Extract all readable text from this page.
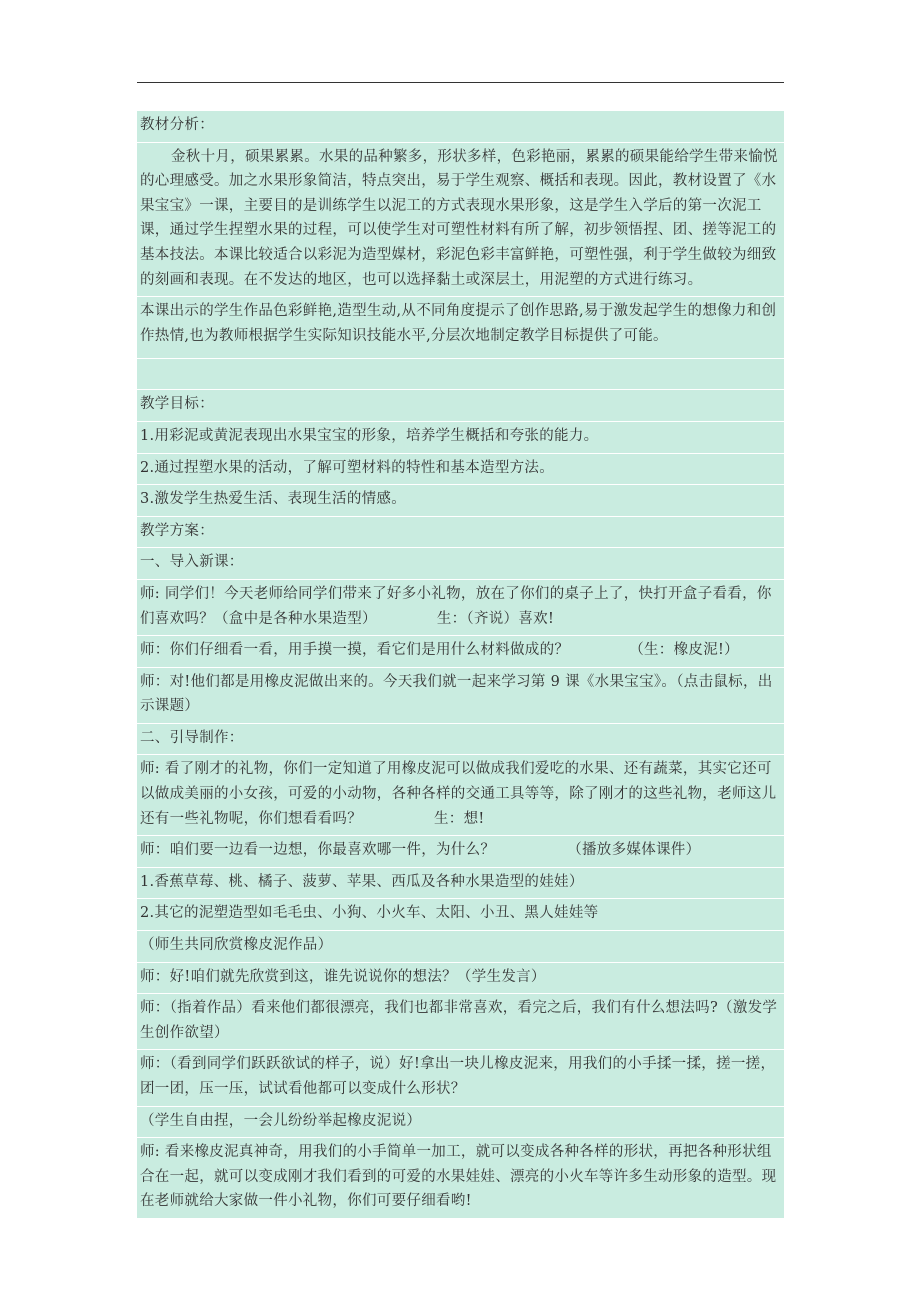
教材分析：
金秋十月，硕果累累。水果的品种繁多，形状多样，色彩艳丽，累累的硕果能给学生带来愉悦的心理感受。加之水果形象简洁，特点突出，易于学生观察、概括和表现。因此，教材设置了《水果宝宝》一课，主要目的是训练学生以泥工的方式表现水果形象，这是学生入学后的第一次泥工课，通过学生捏塑水果的过程，可以使学生对可塑性材料有所了解，初步领悟捏、团、搓等泥工的基本技法。本课比较适合以彩泥为造型媒材，彩泥色彩丰富鲜艳，可塑性强，利于学生做较为细致的刻画和表现。在不发达的地区，也可以选择黏土或深层土，用泥塑的方式进行练习。
本课出示的学生作品色彩鲜艳,造型生动,从不同角度提示了创作思路,易于激发起学生的想像力和创作热情,也为教师根据学生实际知识技能水平,分层次地制定教学目标提供了可能。
教学目标：
1.用彩泥或黄泥表现出水果宝宝的形象，培养学生概括和夸张的能力。
2.通过捏塑水果的活动，了解可塑材料的特性和基本造型方法。
3.激发学生热爱生活、表现生活的情感。
教学方案：
一、导入新课：
师: 同学们！今天老师给同学们带来了好多小礼物，放在了你们的桌子上了，快打开盒子看看，你们喜欢吗？（盒中是各种水果造型）	生：（齐说）喜欢!
师：你们仔细看一看，用手摸一摸，看它们是用什么材料做成的？	（生：橡皮泥!）
师：对!他们都是用橡皮泥做出来的。今天我们就一起来学习第 9 课《水果宝宝》。（点击鼠标，出示课题）
二、引导制作：
师: 看了刚才的礼物，你们一定知道了用橡皮泥可以做成我们爱吃的水果、还有蔬菜，其实它还可以做成美丽的小女孩，可爱的小动物，各种各样的交通工具等等，除了刚才的这些礼物，老师这儿还有一些礼物呢，你们想看看吗？	生：想!
师：咱们要一边看一边想，你最喜欢哪一件，为什么？	（播放多媒体课件）
1.香蕉草莓、桃、橘子、菠萝、苹果、西瓜及各种水果造型的娃娃）
2.其它的泥塑造型如毛毛虫、小狗、小火车、太阳、小丑、黑人娃娃等
（师生共同欣赏橡皮泥作品）
师：好!咱们就先欣赏到这，谁先说说你的想法？（学生发言）
师：（指着作品）看来他们都很漂亮，我们也都非常喜欢，看完之后，我们有什么想法吗?（激发学生创作欲望）
师：（看到同学们跃跃欲试的样子，说）好!拿出一块儿橡皮泥来，用我们的小手揉一揉，搓一搓，团一团，压一压，试试看他都可以变成什么形状？
（学生自由捏，一会儿纷纷举起橡皮泥说）
师: 看来橡皮泥真神奇，用我们的小手简单一加工，就可以变成各种各样的形状，再把各种形状组合在一起，就可以变成刚才我们看到的可爱的水果娃娃、漂亮的小火车等许多生动形象的造型。现在老师就给大家做一件小礼物，你们可要仔细看哟!
